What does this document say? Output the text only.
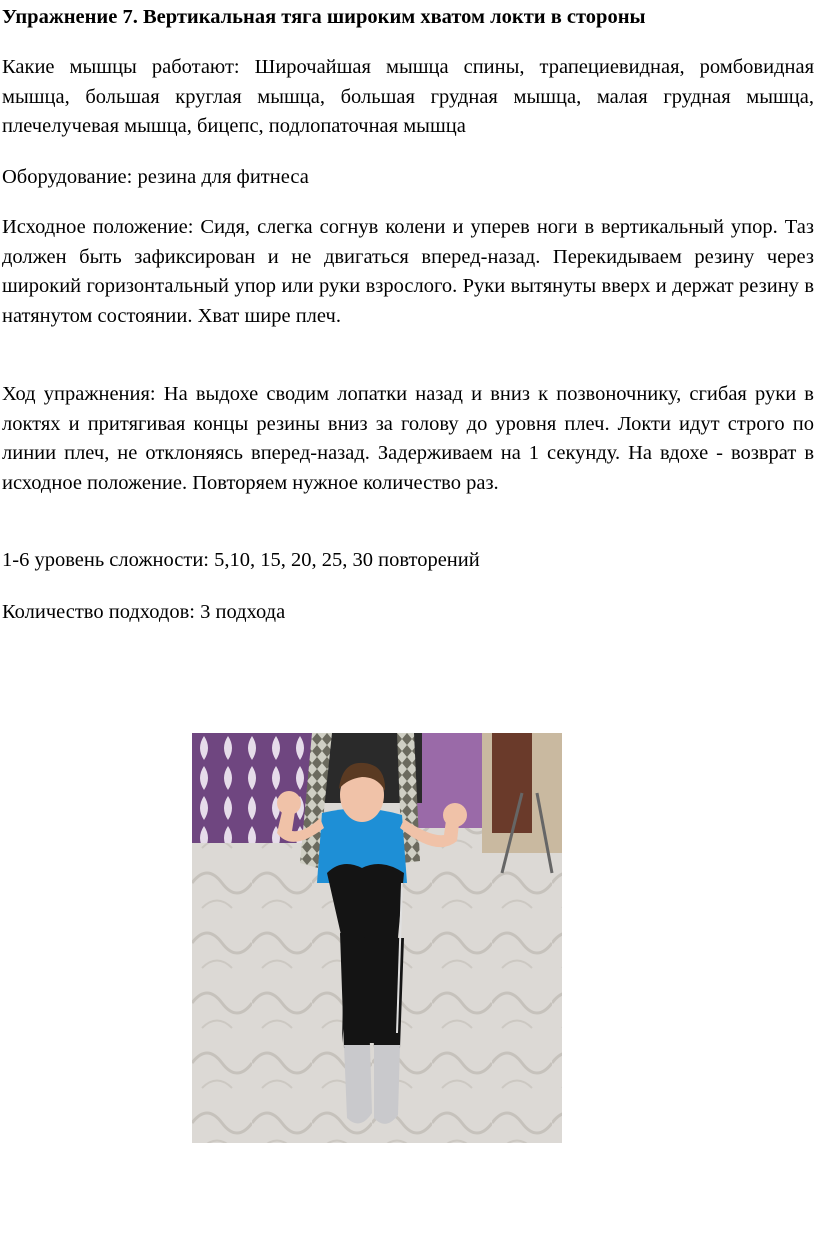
Упражнение 7. Вертикальная тяга широким хватом локти в стороны

Какие мышцы работают: Широчайшая мышца спины, трапециевидная, ромбовидная мышца, большая круглая мышца, большая грудная мышца, малая грудная мышца, плечелучевая мышца, бицепс, подлопаточная мышца

Оборудование: резина для фитнеса

Исходное положение: Сидя, слегка согнув колени и уперев ноги в вертикальный упор. Таз должен быть зафиксирован и не двигаться вперед-назад. Перекидываем резину через широкий горизонтальный упор или руки взрослого. Руки вытянуты вверх и держат резину в натянутом состоянии. Хват шире плеч.

Ход упражнения: На выдохе сводим лопатки назад и вниз к позвоночнику, сгибая руки в локтях и притягивая концы резины вниз за голову до уровня плеч. Локти идут строго по линии плеч, не отклоняясь вперед-назад. Задерживаем на 1 секунду. На вдохе - возврат в исходное положение. Повторяем нужное количество раз.

1-6 уровень сложности: 5,10, 15, 20, 25, 30 повторений

Количество подходов: 3 подхода
